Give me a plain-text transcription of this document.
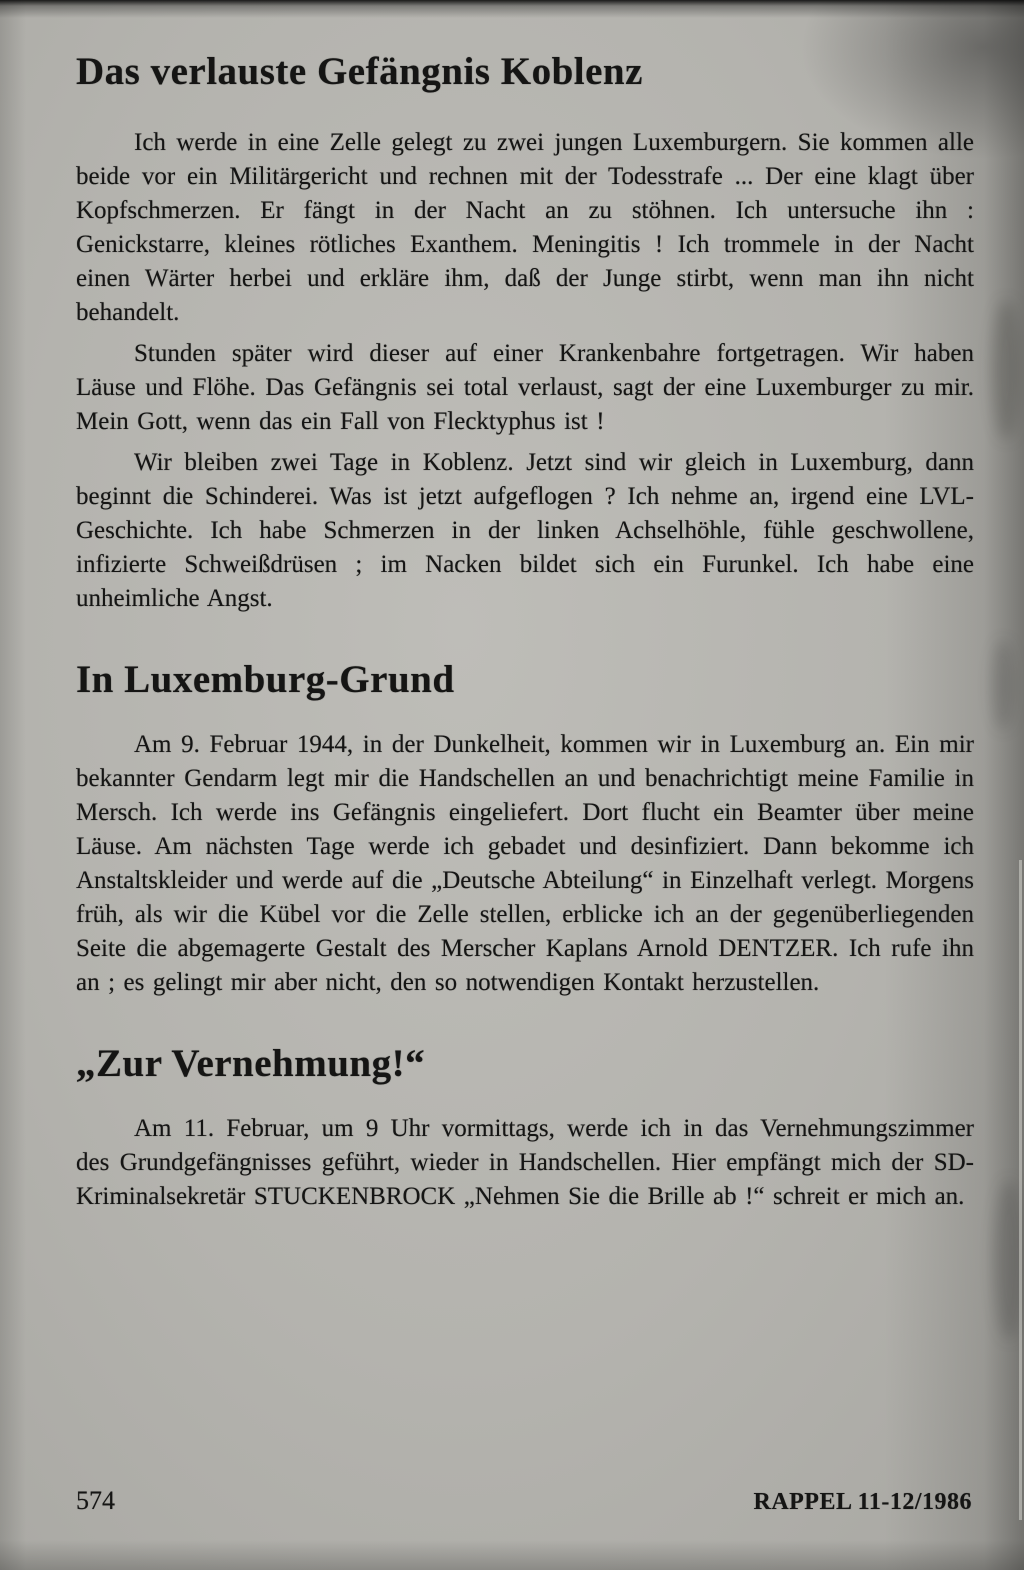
Das verlauste Gefängnis Koblenz

Ich werde in eine Zelle gelegt zu zwei jungen Luxemburgern. Sie kommen alle beide vor ein Militärgericht und rechnen mit der Todesstrafe ... Der eine klagt über Kopfschmerzen. Er fängt in der Nacht an zu stöhnen. Ich untersuche ihn : Genickstarre, kleines rötliches Exanthem. Meningitis ! Ich trommele in der Nacht einen Wärter herbei und erkläre ihm, daß der Junge stirbt, wenn man ihn nicht behandelt.

Stunden später wird dieser auf einer Krankenbahre fortgetragen. Wir haben Läuse und Flöhe. Das Gefängnis sei total verlaust, sagt der eine Luxemburger zu mir. Mein Gott, wenn das ein Fall von Flecktyphus ist !

Wir bleiben zwei Tage in Koblenz. Jetzt sind wir gleich in Luxemburg, dann beginnt die Schinderei. Was ist jetzt aufgeflogen ? Ich nehme an, irgend eine LVL-Geschichte. Ich habe Schmerzen in der linken Achselhöhle, fühle geschwollene, infizierte Schweißdrüsen ; im Nacken bildet sich ein Furunkel. Ich habe eine unheimliche Angst.

In Luxemburg-Grund

Am 9. Februar 1944, in der Dunkelheit, kommen wir in Luxemburg an. Ein mir bekannter Gendarm legt mir die Handschellen an und benachrichtigt meine Familie in Mersch. Ich werde ins Gefängnis eingeliefert. Dort flucht ein Beamter über meine Läuse. Am nächsten Tage werde ich gebadet und desinfiziert. Dann bekomme ich Anstaltskleider und werde auf die „Deutsche Abteilung“ in Einzelhaft verlegt. Morgens früh, als wir die Kübel vor die Zelle stellen, erblicke ich an der gegenüberliegenden Seite die abgemagerte Gestalt des Merscher Kaplans Arnold DENTZER. Ich rufe ihn an ; es gelingt mir aber nicht, den so notwendigen Kontakt herzustellen.

„Zur Vernehmung!“

Am 11. Februar, um 9 Uhr vormittags, werde ich in das Vernehmungszimmer des Grundgefängnisses geführt, wieder in Handschellen. Hier empfängt mich der SD-Kriminalsekretär STUCKENBROCK „Nehmen Sie die Brille ab !“ schreit er mich an.

574	RAPPEL 11-12/1986
